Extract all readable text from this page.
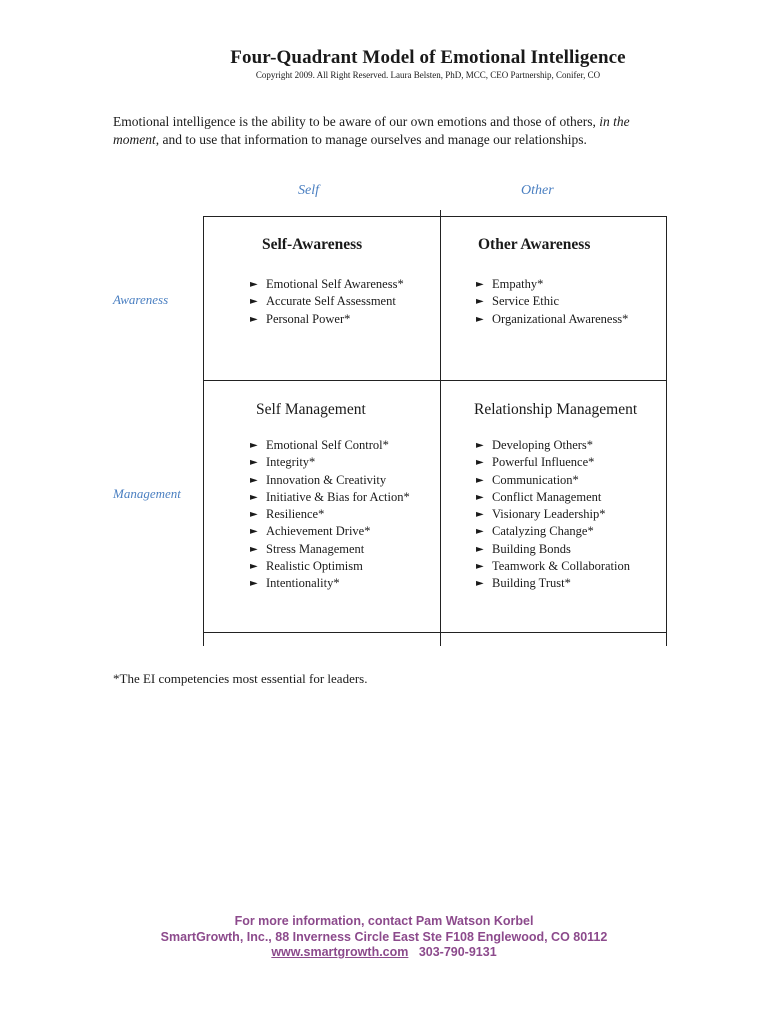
Four-Quadrant Model of Emotional Intelligence
Copyright 2009. All Right Reserved. Laura Belsten, PhD, MCC, CEO Partnership, Conifer, CO
Emotional intelligence is the ability to be aware of our own emotions and those of others, in the moment, and to use that information to manage ourselves and manage our relationships.
Self	Other
Awareness
Management
Self-Awareness
► Emotional Self Awareness*
► Accurate Self Assessment
► Personal Power*
Other Awareness
► Empathy*
► Service Ethic
► Organizational Awareness*
Self Management
► Emotional Self Control*
► Integrity*
► Innovation & Creativity
► Initiative & Bias for Action*
► Resilience*
► Achievement Drive*
► Stress Management
► Realistic Optimism
► Intentionality*
Relationship Management
► Developing Others*
► Powerful Influence*
► Communication*
► Conflict Management
► Visionary Leadership*
► Catalyzing Change*
► Building Bonds
► Teamwork & Collaboration
► Building Trust*
*The EI competencies most essential for leaders.
For more information, contact Pam Watson Korbel
SmartGrowth, Inc., 88 Inverness Circle East Ste F108 Englewood, CO 80112
www.smartgrowth.com 303-790-9131
